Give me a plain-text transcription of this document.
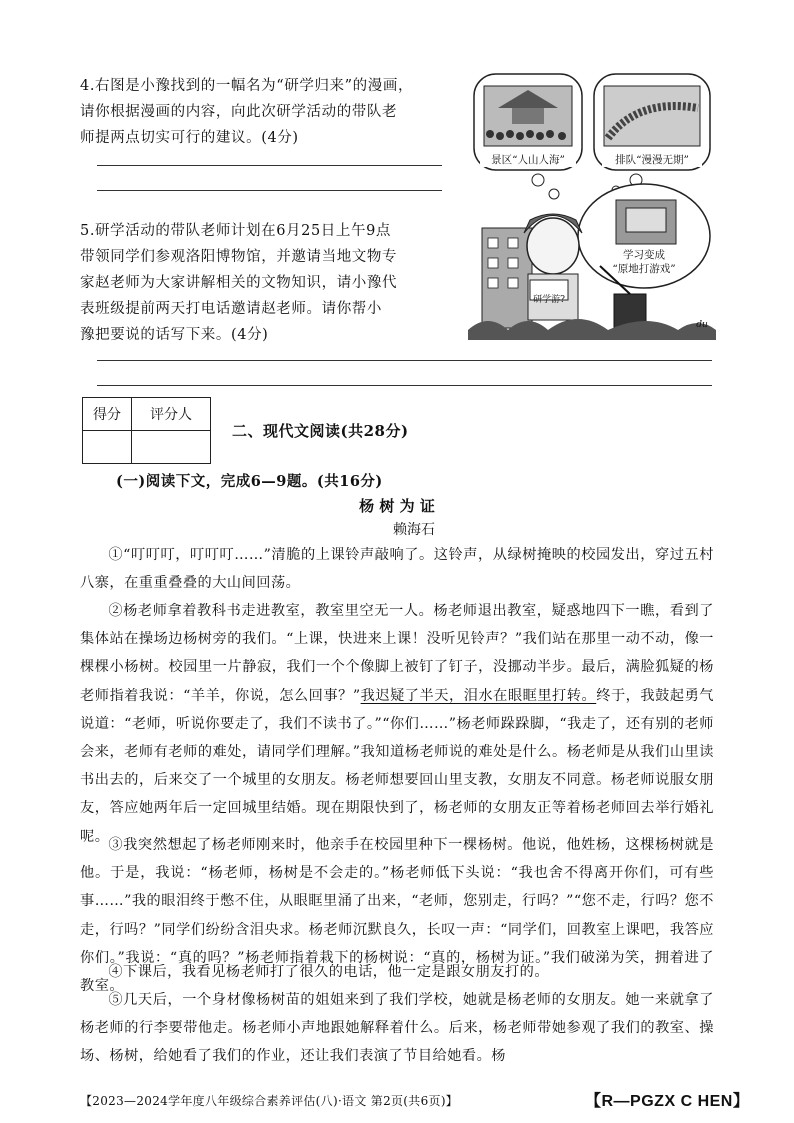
4.右图是小豫找到的一幅名为“研学归来”的漫画，
请你根据漫画的内容，向此次研学活动的带队老
师提两点切实可行的建议。(4分)
5.研学活动的带队老师计划在6月25日上午9点
带领同学们参观洛阳博物馆，并邀请当地文物专
家赵老师为大家讲解相关的文物知识，请小豫代
表班级提前两天打电话邀请赵老师。请你帮小
豫把要说的话写下来。(4分)
景区“人山人海”	排队“漫漫无期”
学习变成
“原地打游戏”
研学游?
du
得分	评分人

二、现代文阅读(共28分)
(一)阅读下文，完成6—9题。(共16分)
杨 树 为 证
赖海石
①“叮叮叮，叮叮叮……”清脆的上课铃声敲响了。这铃声，从绿树掩映的校园发出，穿过五村八寨，在重重叠叠的大山间回荡。
②杨老师拿着教科书走进教室，教室里空无一人。杨老师退出教室，疑惑地四下一瞧，看到了集体站在操场边杨树旁的我们。“上课，快进来上课！没听见铃声？”我们站在那里一动不动，像一棵棵小杨树。校园里一片静寂，我们一个个像脚上被钉了钉子，没挪动半步。最后，满脸狐疑的杨老师指着我说：“羊羊，你说，怎么回事？”我迟疑了半天，泪水在眼眶里打转。终于，我鼓起勇气说道：“老师，听说你要走了，我们不读书了。”“你们……”杨老师跺跺脚，“我走了，还有别的老师会来，老师有老师的难处，请同学们理解。”我知道杨老师说的难处是什么。杨老师是从我们山里读书出去的，后来交了一个城里的女朋友。杨老师想要回山里支教，女朋友不同意。杨老师说服女朋友，答应她两年后一定回城里结婚。现在期限快到了，杨老师的女朋友正等着杨老师回去举行婚礼呢。
③我突然想起了杨老师刚来时，他亲手在校园里种下一棵杨树。他说，他姓杨，这棵杨树就是他。于是，我说：“杨老师，杨树是不会走的。”杨老师低下头说：“我也舍不得离开你们，可有些事……”我的眼泪终于憋不住，从眼眶里涌了出来，“老师，您别走，行吗？”“您不走，行吗？您不走，行吗？”同学们纷纷含泪央求。杨老师沉默良久，长叹一声：“同学们，回教室上课吧，我答应你们。”我说：“真的吗？”杨老师指着栽下的杨树说：“真的，杨树为证。”我们破涕为笑，拥着进了教室。
④下课后，我看见杨老师打了很久的电话，他一定是跟女朋友打的。
⑤几天后，一个身材像杨树苗的姐姐来到了我们学校，她就是杨老师的女朋友。她一来就拿了杨老师的行李要带他走。杨老师小声地跟她解释着什么。后来，杨老师带她参观了我们的教室、操场、杨树，给她看了我们的作业，还让我们表演了节目给她看。杨
【2023—2024学年度八年级综合素养评估(八)·语文 第2页(共6页)】	【R—PGZX C HEN】
